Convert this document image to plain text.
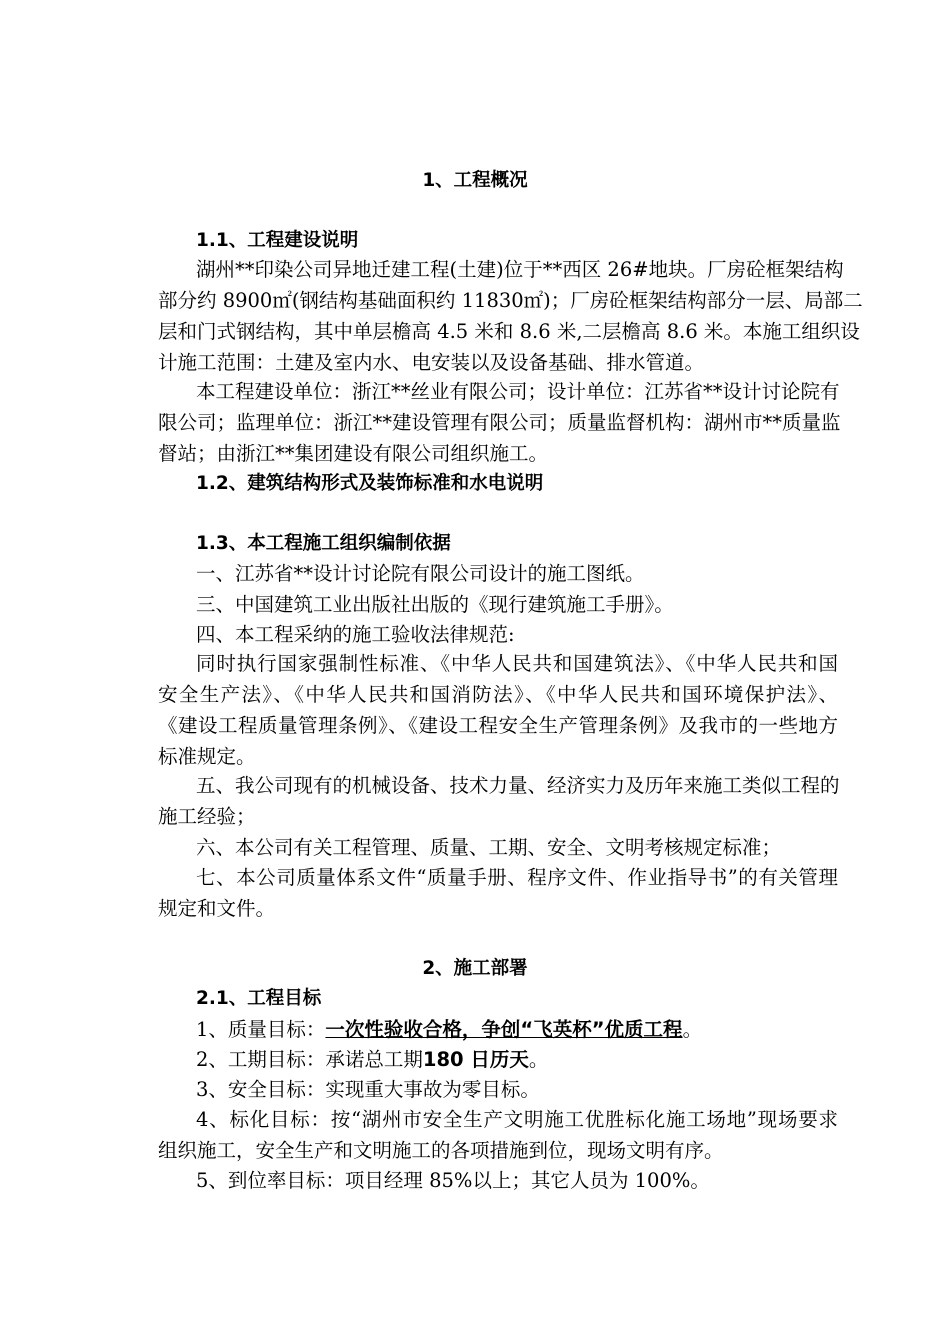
1、工程概况
1.1、工程建设说明
湖州**印染公司异地迁建工程(土建)位于**西区 26#地块。厂房砼框架结构
部分约 8900㎡(钢结构基础面积约 11830㎡)；厂房砼框架结构部分一层、局部二
层和门式钢结构，其中单层檐高 4.5 米和 8.6 米,二层檐高 8.6 米。本施工组织设
计施工范围：土建及室内水、电安装以及设备基础、排水管道。
本工程建设单位：浙江**丝业有限公司；设计单位：江苏省**设计讨论院有
限公司；监理单位：浙江**建设管理有限公司；质量监督机构：湖州市**质量监
督站；由浙江**集团建设有限公司组织施工。
1.2、建筑结构形式及装饰标准和水电说明
1.3、本工程施工组织编制依据
一、江苏省**设计讨论院有限公司设计的施工图纸。
三、中国建筑工业出版社出版的《现行建筑施工手册》。
四、本工程采纳的施工验收法律规范:
同时执行国家强制性标准、《中华人民共和国建筑法》、《中华人民共和国
安全生产法》、《中华人民共和国消防法》、《中华人民共和国环境保护法》、
《建设工程质量管理条例》、《建设工程安全生产管理条例》及我市的一些地方
标准规定。
五、我公司现有的机械设备、技术力量、经济实力及历年来施工类似工程的
施工经验；
六、本公司有关工程管理、质量、工期、安全、文明考核规定标准；
七、本公司质量体系文件“质量手册、程序文件、作业指导书”的有关管理
规定和文件。
2、施工部署
2.1、工程目标
1、质量目标：一次性验收合格，争创“飞英杯”优质工程。
2、工期目标：承诺总工期180 日历天。
3、安全目标：实现重大事故为零目标。
4、标化目标：按“湖州市安全生产文明施工优胜标化施工场地”现场要求
组织施工，安全生产和文明施工的各项措施到位，现场文明有序。
5、到位率目标：项目经理 85%以上；其它人员为 100%。
